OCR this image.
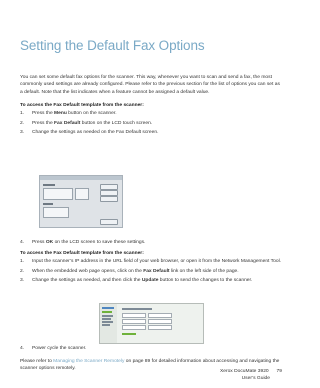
Setting the Default Fax Options

You can set some default fax options for the scanner. This way, whenever you want to scan and send a fax, the most commonly used settings are already configured. Please refer to the previous section for the list of options you can set as a default. Note that the list indicates when a feature cannot be assigned a default value.

To access the Fax Default template from the scanner:
1. Press the Menu button on the scanner.
2. Press the Fax Default button on the LCD touch screen.
3. Change the settings as needed on the Fax Default screen.
4. Press OK on the LCD screen to save these settings.
To access the Fax Default template from the scanner:
1. Input the scanner’s IP address in the URL field of your web browser, or open it from the Network Management Tool.
2. When the embedded web page opens, click on the Fax Default link on the left side of the page.
3. Change the settings as needed, and then click the Update button to send the changes to the scanner.
4. Power cycle the scanner.

Please refer to Managing the Scanner Remotely on page 89 for detailed information about accessing and navigating the scanner options remotely.

Xerox DocuMate 3920 79
User’s Guide
